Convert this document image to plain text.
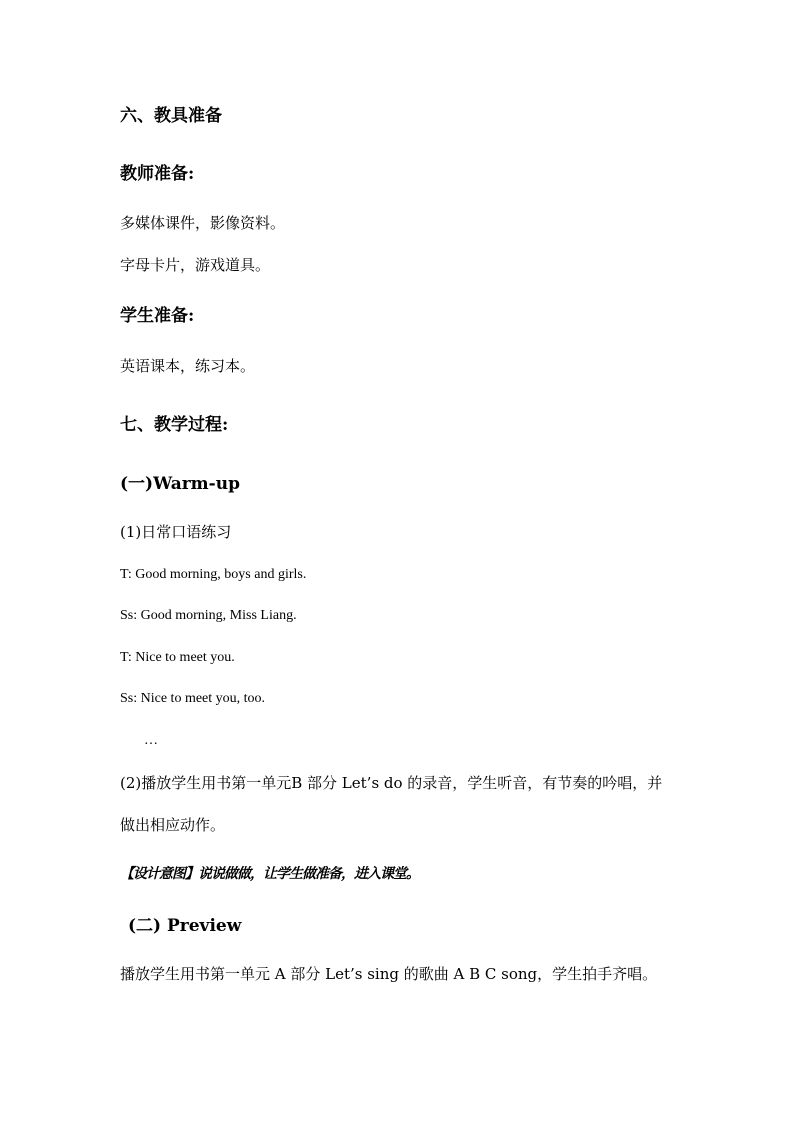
六、教具准备
教师准备:
多媒体课件，影像资料。
字母卡片，游戏道具。
学生准备:
英语课本，练习本。
七、教学过程:
(一)Warm-up
(1)日常口语练习
T: Good morning, boys and girls.
Ss: Good morning, Miss Liang.
T: Nice to meet you.
Ss: Nice to meet you, too.
…
(2)播放学生用书第一单元B 部分 Let’s do 的录音，学生听音，有节奏的吟唱，并
做出相应动作。
【设计意图】说说做做，让学生做准备，进入课堂。
(二) Preview
播放学生用书第一单元 A 部分 Let’s sing 的歌曲 A B C song，学生拍手齐唱。
